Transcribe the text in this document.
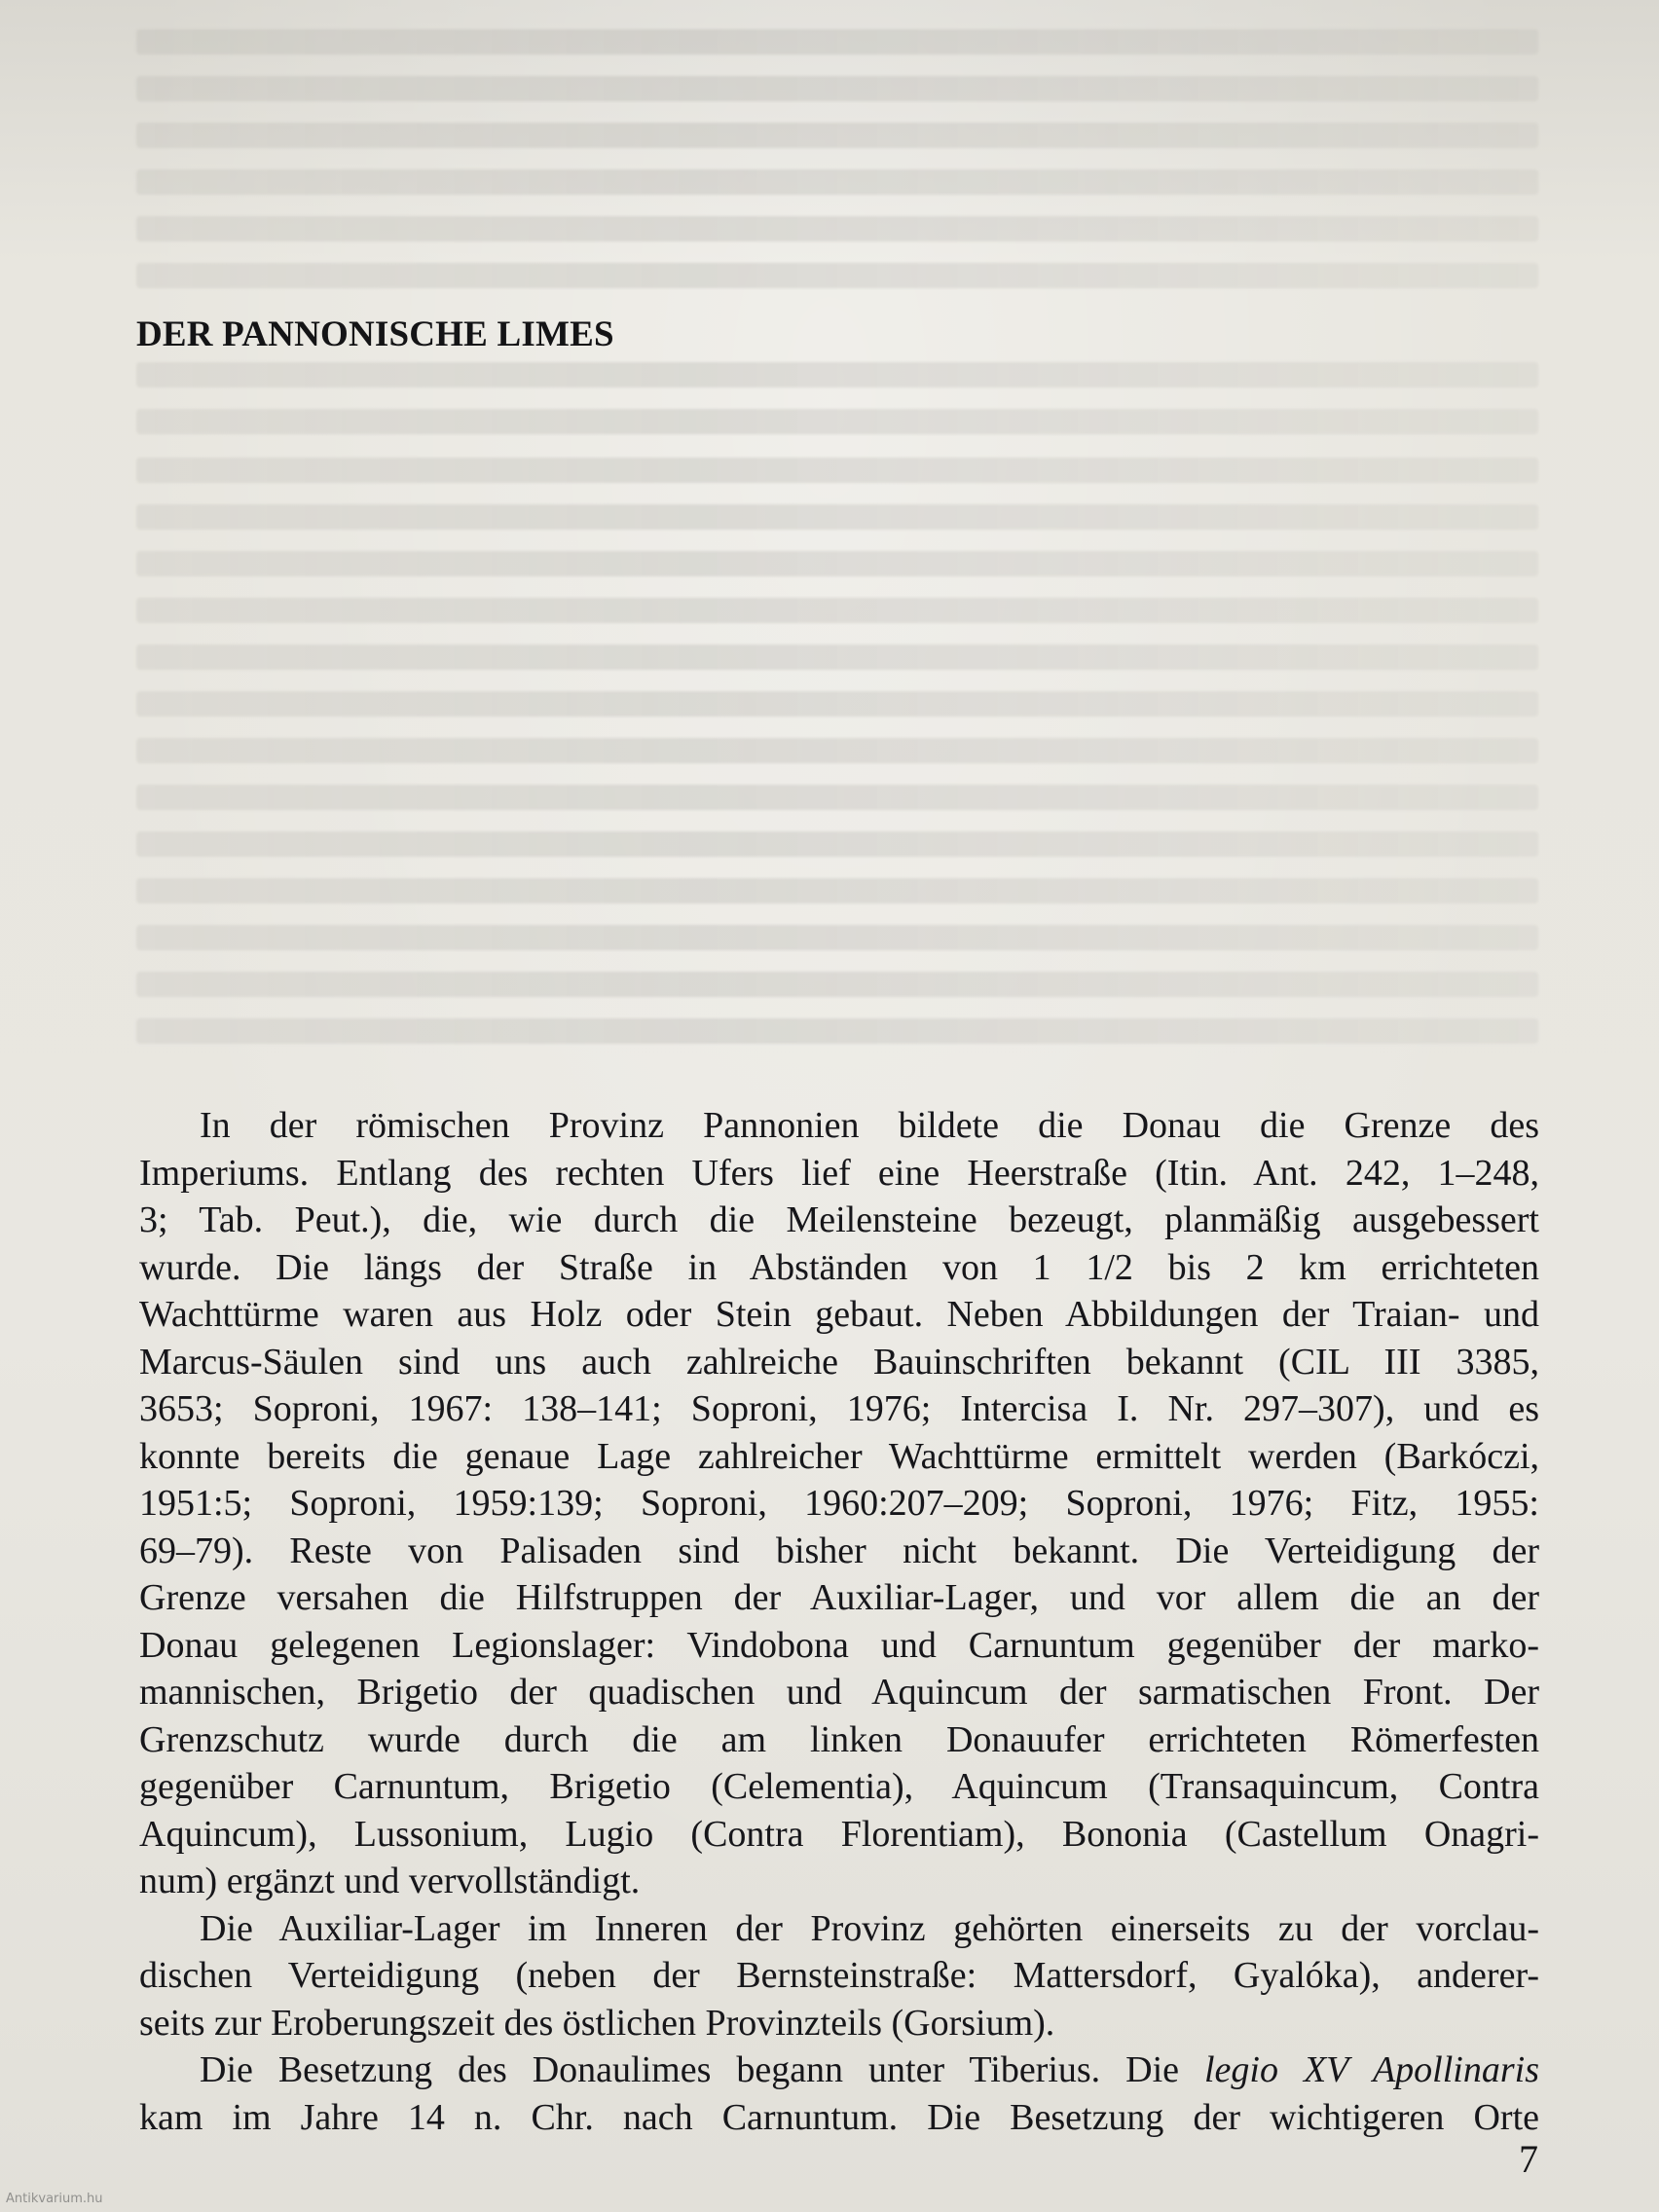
DER PANNONISCHE LIMES

In der römischen Provinz Pannonien bildete die Donau die Grenze des
Imperiums. Entlang des rechten Ufers lief eine Heerstraße (Itin. Ant. 242, 1–248,
3; Tab. Peut.), die, wie durch die Meilensteine bezeugt, planmäßig ausgebessert
wurde. Die längs der Straße in Abständen von 1 1/2 bis 2 km errichteten
Wachttürme waren aus Holz oder Stein gebaut. Neben Abbildungen der Traian- und
Marcus-Säulen sind uns auch zahlreiche Bauinschriften bekannt (CIL III 3385,
3653; Soproni, 1967: 138–141; Soproni, 1976; Intercisa I. Nr. 297–307), und es
konnte bereits die genaue Lage zahlreicher Wachttürme ermittelt werden (Barkóczi,
1951:5; Soproni, 1959:139; Soproni, 1960:207–209; Soproni, 1976; Fitz, 1955:
69–79). Reste von Palisaden sind bisher nicht bekannt. Die Verteidigung der
Grenze versahen die Hilfstruppen der Auxiliar-Lager, und vor allem die an der
Donau gelegenen Legionslager: Vindobona und Carnuntum gegenüber der marko-
mannischen, Brigetio der quadischen und Aquincum der sarmatischen Front. Der
Grenzschutz wurde durch die am linken Donauufer errichteten Römerfesten
gegenüber Carnuntum, Brigetio (Celementia), Aquincum (Transaquincum, Contra
Aquincum), Lussonium, Lugio (Contra Florentiam), Bononia (Castellum Onagri-
num) ergänzt und vervollständigt.

Die Auxiliar-Lager im Inneren der Provinz gehörten einerseits zu der vorclau-
dischen Verteidigung (neben der Bernsteinstraße: Mattersdorf, Gyalóka), anderer-
seits zur Eroberungszeit des östlichen Provinzteils (Gorsium).

Die Besetzung des Donaulimes begann unter Tiberius. Die legio XV Apollinaris
kam im Jahre 14 n. Chr. nach Carnuntum. Die Besetzung der wichtigeren Orte

7
Antikvarium.hu
